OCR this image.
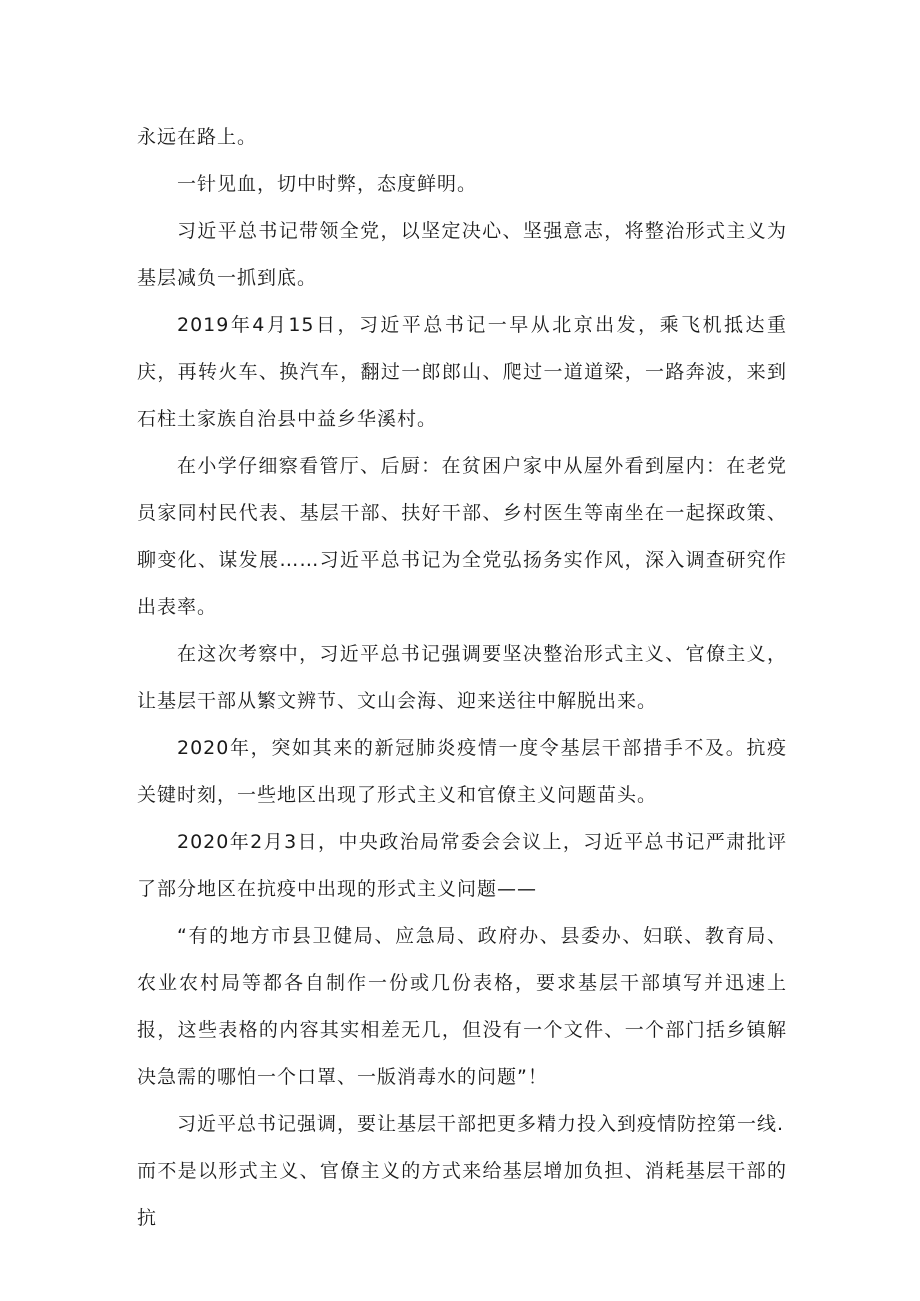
永远在路上。

一针见血，切中时弊，态度鲜明。

习近平总书记带领全党，以坚定决心、坚强意志，将整治形式主义为基层减负一抓到底。

2019年4月15日，习近平总书记一早从北京出发，乘飞机抵达重庆，再转火车、换汽车，翻过一郎郎山、爬过一道道梁，一路奔波，来到石柱土家族自治县中益乡华溪村。

在小学仔细察看管厅、后厨：在贫困户家中从屋外看到屋内：在老党员家同村民代表、基层干部、扶好干部、乡村医生等南坐在一起探政策、聊变化、谋发展……习近平总书记为全党弘扬务实作风，深入调查研究作出表率。

在这次考察中，习近平总书记强调要坚决整治形式主义、官僚主义，让基层干部从繁文辨节、文山会海、迎来送往中解脱出来。

2020年，突如其来的新冠肺炎疫情一度令基层干部措手不及。抗疫关键时刻，一些地区出现了形式主义和官僚主义问题苗头。

2020年2月3日，中央政治局常委会会议上，习近平总书记严肃批评了部分地区在抗疫中出现的形式主义问题——

“有的地方市县卫健局、应急局、政府办、县委办、妇联、教育局、农业农村局等都各自制作一份或几份表格，要求基层干部填写并迅速上报，这些表格的内容其实相差无几，但没有一个文件、一个部门括乡镇解决急需的哪怕一个口罩、一版消毒水的问题”！

习近平总书记强调，要让基层干部把更多精力投入到疫情防控第一线.

而不是以形式主义、官僚主义的方式来给基层增加负担、消耗基层干部的抗
